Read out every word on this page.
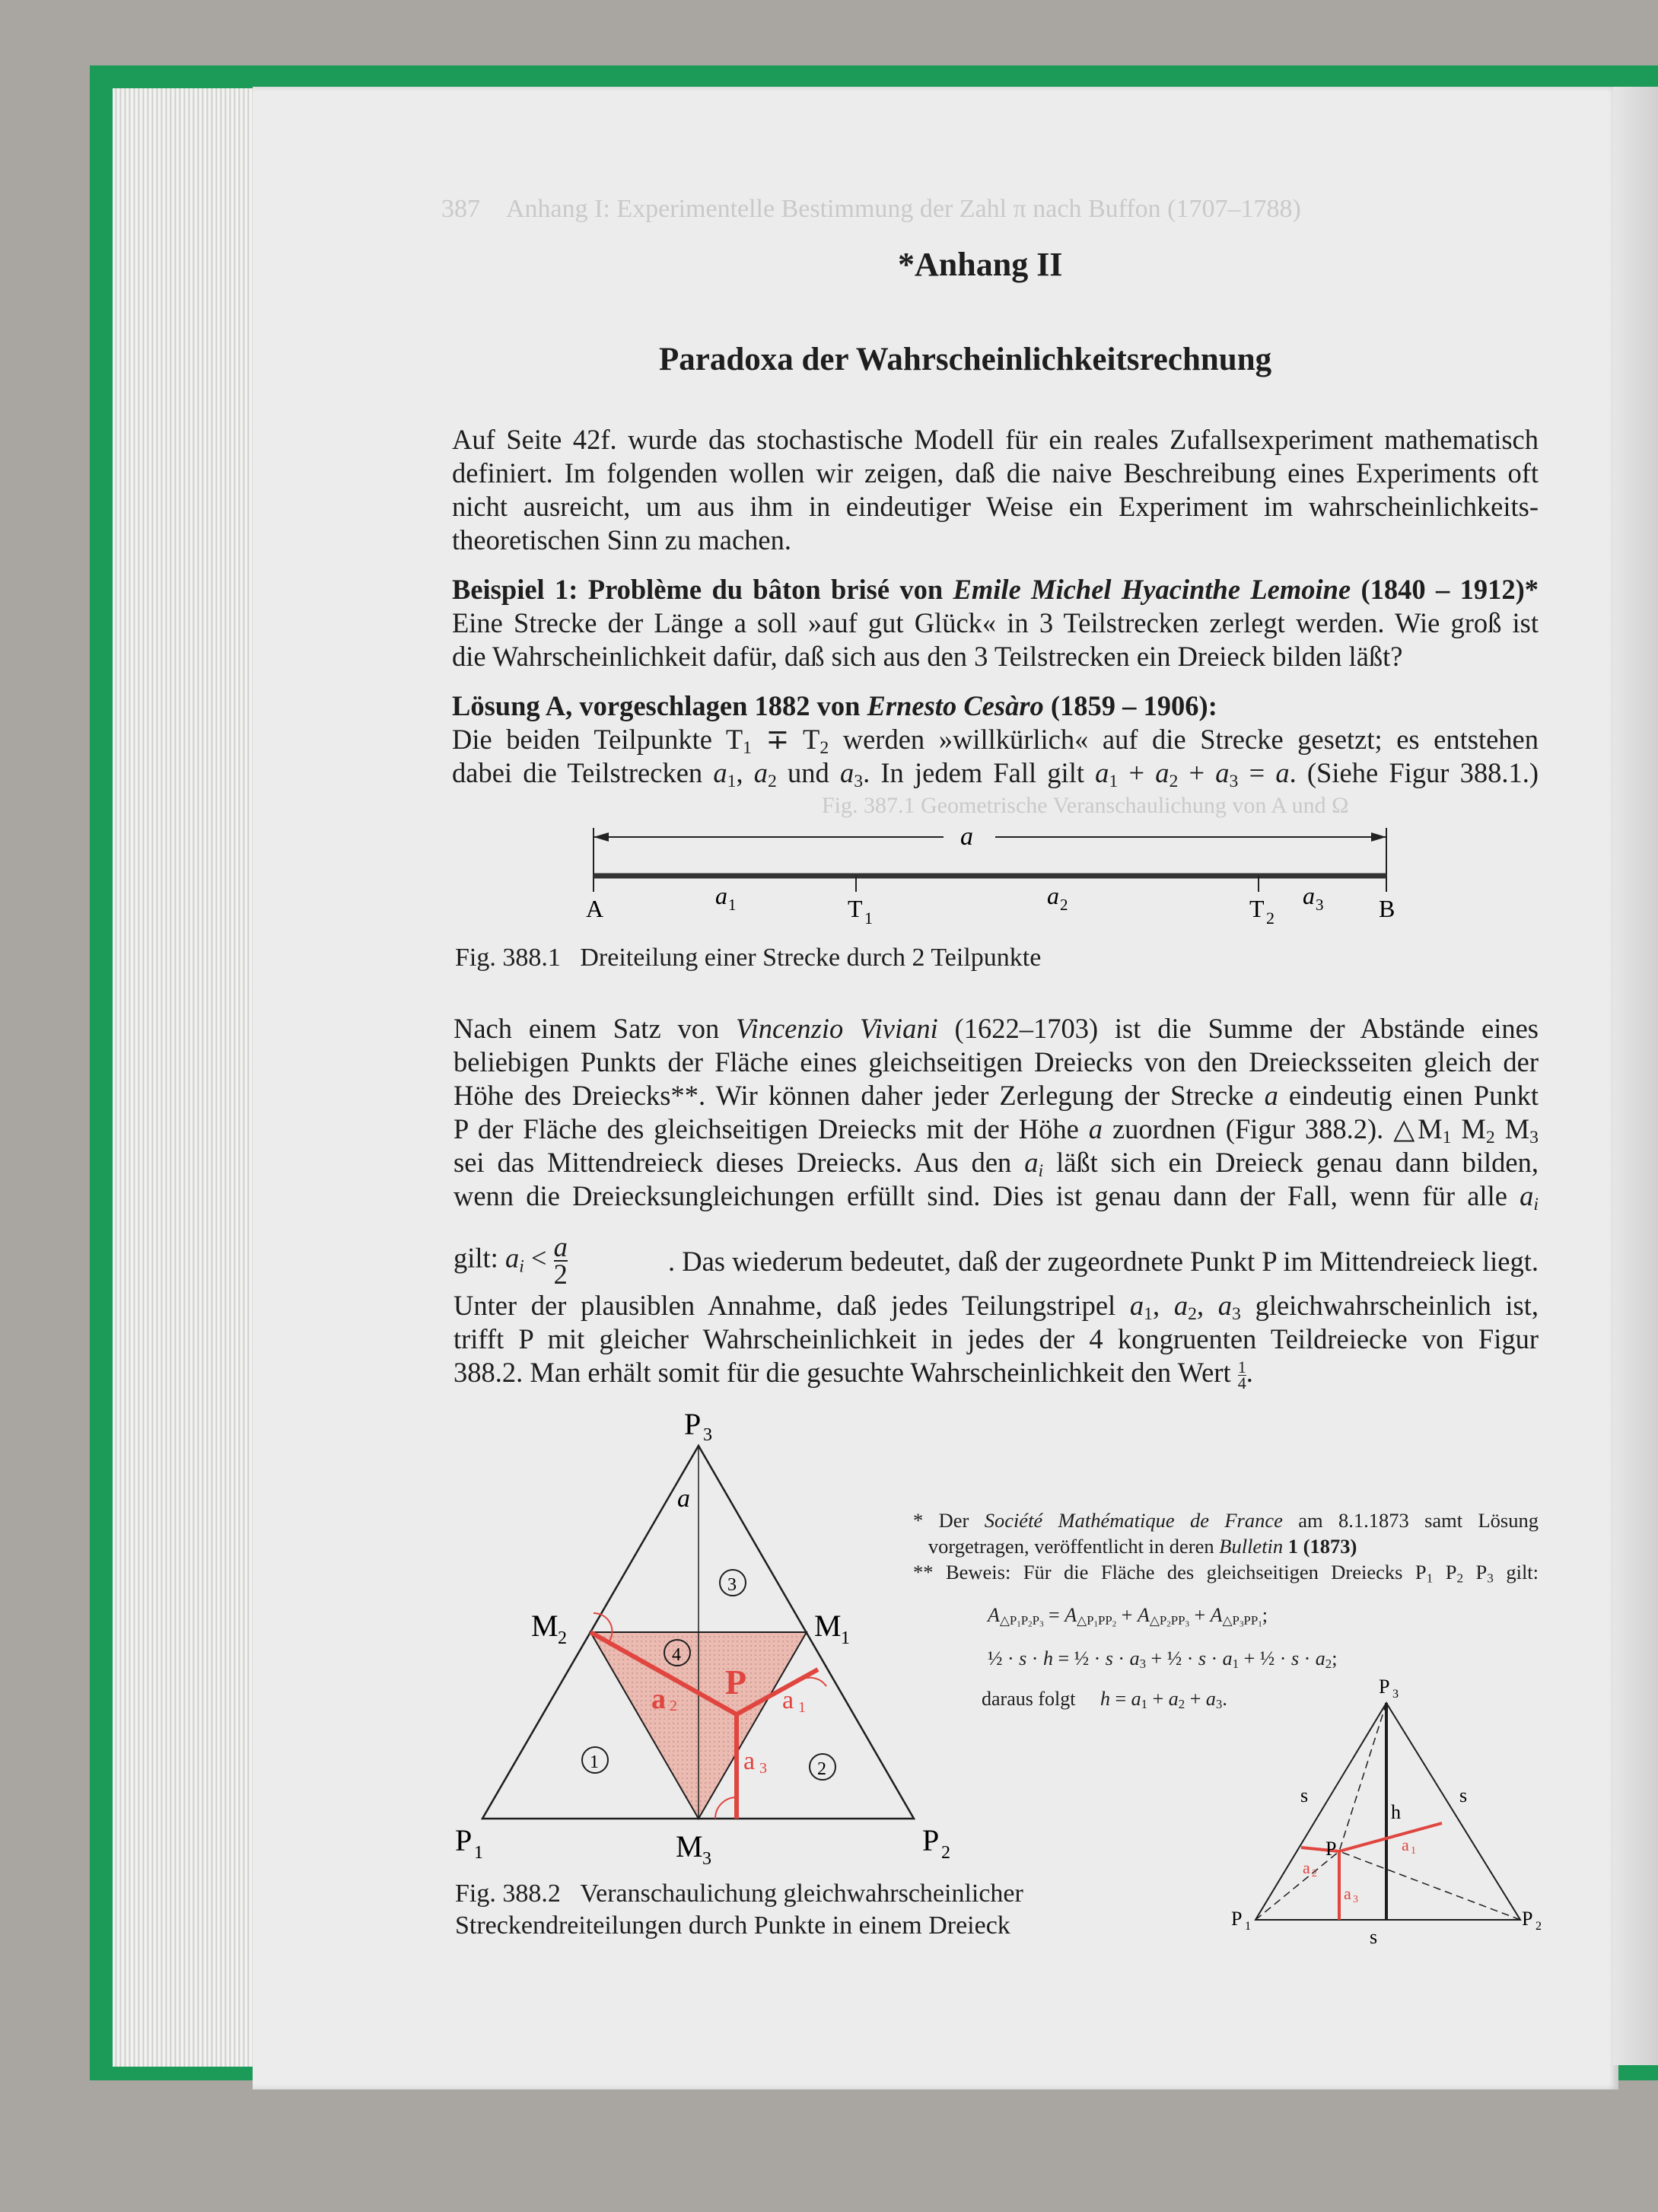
387 Anhang I: Experimentelle Bestimmung der Zahl π nach Buffon (1707–1788)
Fig. 387.1 Geometrische Veranschaulichung von A und Ω
*Anhang II
Paradoxa der Wahrscheinlichkeitsrechnung
Auf Seite 42f. wurde das stochastische Modell für ein reales Zufallsexperiment mathematisch
definiert. Im folgenden wollen wir zeigen, daß die naive Beschreibung eines Experiments oft
nicht ausreicht, um aus ihm in eindeutiger Weise ein Experiment im wahrscheinlichkeits-
theoretischen Sinn zu machen.
Beispiel 1: Problème du bâton brisé von Emile Michel Hyacinthe Lemoine (1840 – 1912)*
Eine Strecke der Länge a soll »auf gut Glück« in 3 Teilstrecken zerlegt werden. Wie groß ist
die Wahrscheinlichkeit dafür, daß sich aus den 3 Teilstrecken ein Dreieck bilden läßt?
Lösung A, vorgeschlagen 1882 von Ernesto Cesàro (1859 – 1906):
Die beiden Teilpunkte $T_1 \mp T_2$ werden »willkürlich« auf die Strecke gesetzt; es entstehen
dabei die Teilstrecken $a_1$, $a_2$ und $a_3$. In jedem Fall gilt $a_1 + a_2 + a_3 = a$. (Siehe Figur 388.1.)
a
A	B
T 1	T 2
a 1	a 2	a 3
Fig. 388.1 Dreiteilung einer Strecke durch 2 Teilpunkte
Nach einem Satz von Vincenzio Viviani (1622–1703) ist die Summe der Abstände eines
beliebigen Punkts der Fläche eines gleichseitigen Dreiecks von den Dreiecksseiten gleich der
Höhe des Dreiecks**. Wir können daher jeder Zerlegung der Strecke a eindeutig einen Punkt
P der Fläche des gleichseitigen Dreiecks mit der Höhe a zuordnen (Figur 388.2). $\triangle M_1$ $M_2$ $M_3$
sei das Mittendreieck dieses Dreiecks. Aus den $a_i$ läßt sich ein Dreieck genau dann bilden,
wenn die Dreiecksungleichungen erfüllt sind. Dies ist genau dann der Fall, wenn für alle $a_i$
gilt: $a_i < \frac{a}{2}$	. Das wiederum bedeutet, daß der zugeordnete Punkt P im Mittendreieck liegt.
Unter der plausiblen Annahme, daß jedes Teilungstripel $a_1$, $a_2$, $a_3$ gleichwahrscheinlich ist,
trifft P mit gleicher Wahrscheinlichkeit in jedes der 4 kongruenten Teildreiecke von Figur
388.2. Man erhält somit für die gesuchte Wahrscheinlichkeit den Wert $\frac{1}{4}$ .
P 3
P 1	P 2
M 1
M 2
M 3
a
1	2
3
4
P
a 2	a 1
a 3
Fig. 388.2 Veranschaulichung gleichwahrscheinlicher
Streckendreiteilungen durch Punkte in einem Dreieck
* Der Société Mathématique de France am 8.1.1873 samt Lösung
vorgetragen, veröffentlicht in deren Bulletin 1 (1873)
** Beweis: Für die Fläche des gleichseitigen Dreiecks $P_1$ $P_2$ $P_3$ gilt:
$A_{\triangle P_1P_2P_3} = A_{\triangle P_1PP_2} + A_{\triangle P_2PP_3} + A_{\triangle P_3PP_1}$;
½ · s · h = ½ · $s \cdot a_3$ + ½ · $s \cdot a_1$ + ½ · $s \cdot a_2$;
daraus folgt $h = a_1 + a_2 + a_3$.
P 3
P 1	P 2
P
h
s	s
s
a 1
a 2
a 3
